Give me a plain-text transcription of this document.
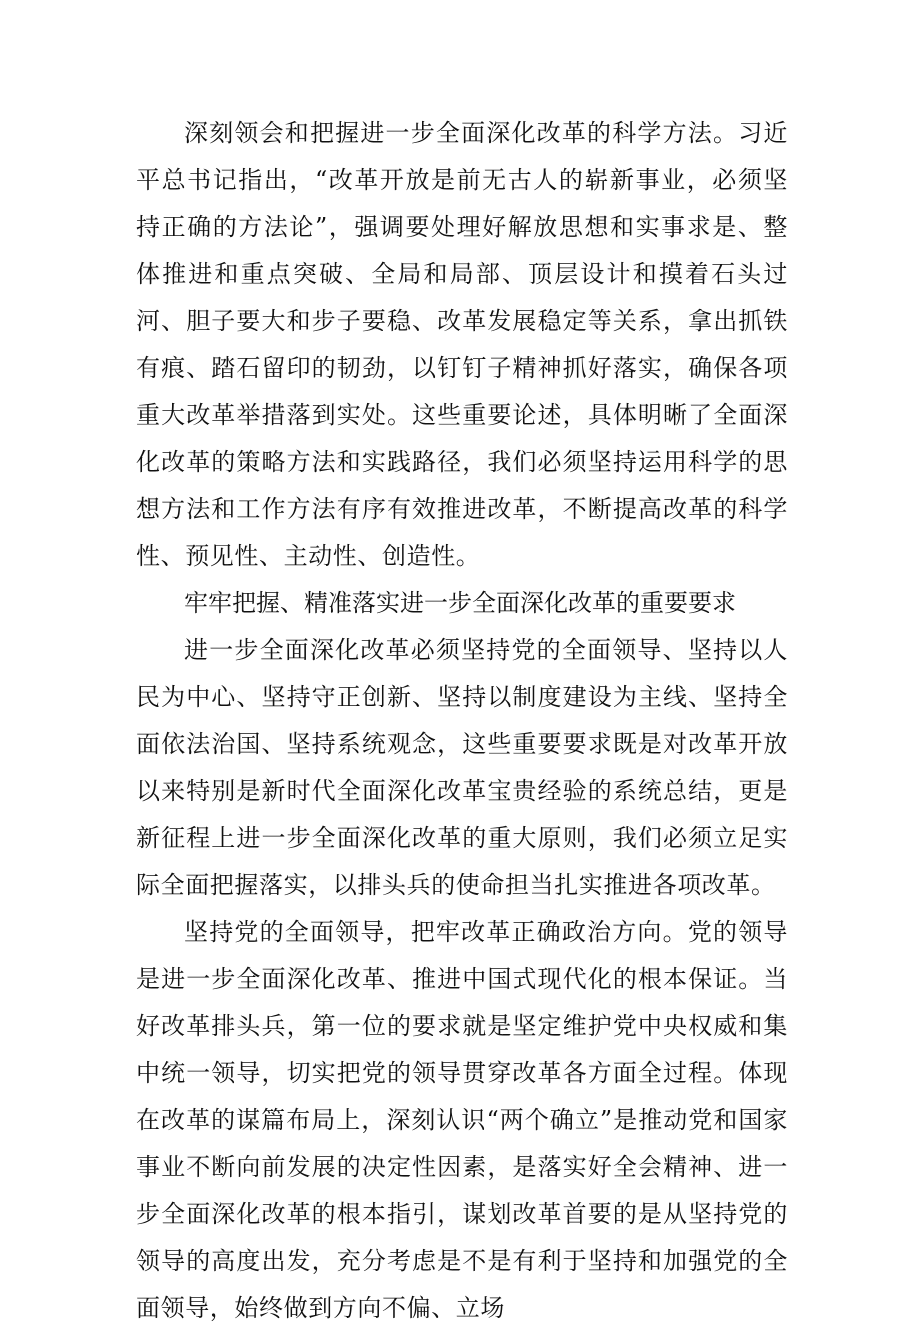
深刻领会和把握进一步全面深化改革的科学方法。习近平总书记指出，“改革开放是前无古人的崭新事业，必须坚持正确的方法论”，强调要处理好解放思想和实事求是、整体推进和重点突破、全局和局部、顶层设计和摸着石头过河、胆子要大和步子要稳、改革发展稳定等关系，拿出抓铁有痕、踏石留印的韧劲，以钉钉子精神抓好落实，确保各项重大改革举措落到实处。这些重要论述，具体明晰了全面深化改革的策略方法和实践路径，我们必须坚持运用科学的思想方法和工作方法有序有效推进改革，不断提高改革的科学性、预见性、主动性、创造性。

牢牢把握、精准落实进一步全面深化改革的重要要求

进一步全面深化改革必须坚持党的全面领导、坚持以人民为中心、坚持守正创新、坚持以制度建设为主线、坚持全面依法治国、坚持系统观念，这些重要要求既是对改革开放以来特别是新时代全面深化改革宝贵经验的系统总结，更是新征程上进一步全面深化改革的重大原则，我们必须立足实际全面把握落实，以排头兵的使命担当扎实推进各项改革。

坚持党的全面领导，把牢改革正确政治方向。党的领导是进一步全面深化改革、推进中国式现代化的根本保证。当好改革排头兵，第一位的要求就是坚定维护党中央权威和集中统一领导，切实把党的领导贯穿改革各方面全过程。体现在改革的谋篇布局上，深刻认识“两个确立”是推动党和国家事业不断向前发展的决定性因素，是落实好全会精神、进一步全面深化改革的根本指引，谋划改革首要的是从坚持党的领导的高度出发，充分考虑是不是有利于坚持和加强党的全面领导，始终做到方向不偏、立场
